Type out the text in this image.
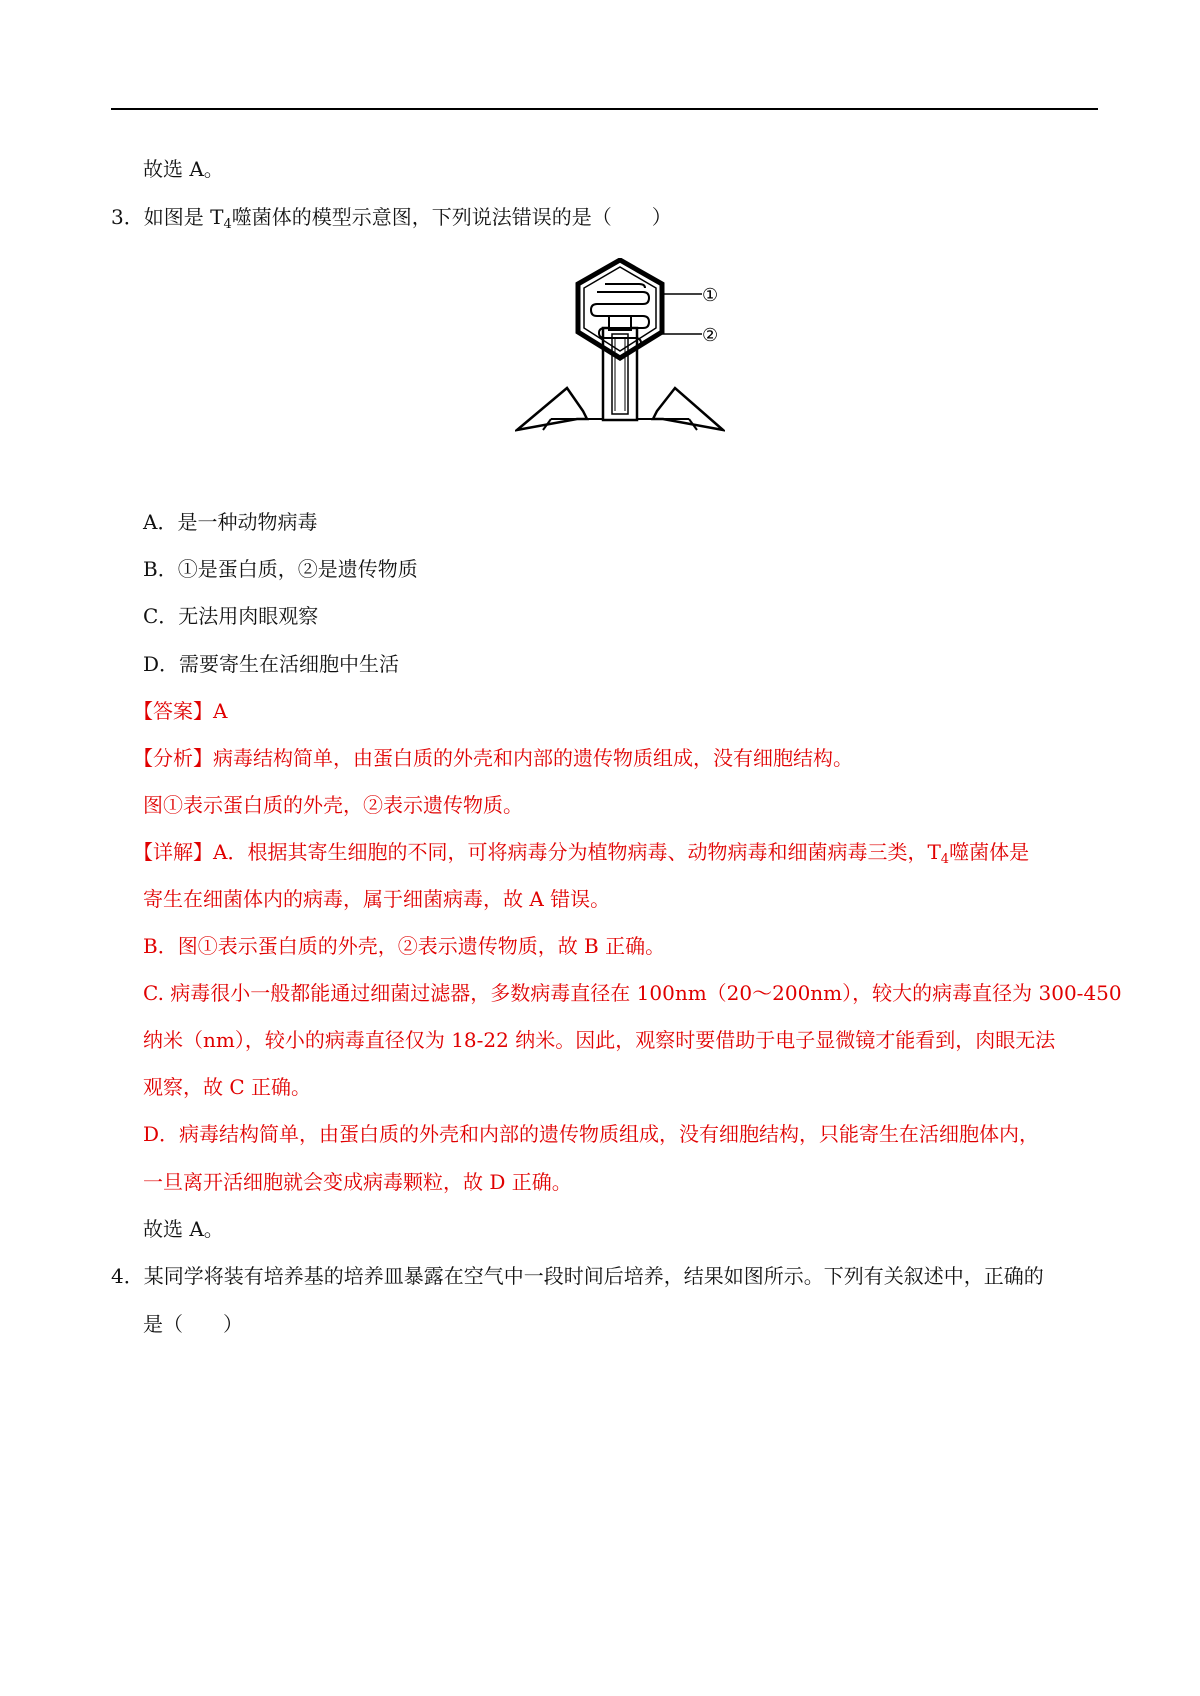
故选 A。
3．如图是 $T_4$噬菌体的模型示意图，下列说法错误的是（　　）
①
②
A．是一种动物病毒
B．①是蛋白质，②是遗传物质
C．无法用肉眼观察
D．需要寄生在活细胞中生活
【答案】A
【分析】病毒结构简单，由蛋白质的外壳和内部的遗传物质组成，没有细胞结构。
图①表示蛋白质的外壳，②表示遗传物质。
【详解】A．根据其寄生细胞的不同，可将病毒分为植物病毒、动物病毒和细菌病毒三类，$T_4$噬菌体是
寄生在细菌体内的病毒，属于细菌病毒，故 A 错误。
B．图①表示蛋白质的外壳，②表示遗传物质，故 B 正确。
C. 病毒很小一般都能通过细菌过滤器，多数病毒直径在 100nm（20～200nm），较大的病毒直径为 300-450
纳米（nm），较小的病毒直径仅为 18-22 纳米。因此，观察时要借助于电子显微镜才能看到，肉眼无法
观察，故 C 正确。
D．病毒结构简单，由蛋白质的外壳和内部的遗传物质组成，没有细胞结构，只能寄生在活细胞体内，
一旦离开活细胞就会变成病毒颗粒，故 D 正确。
故选 A。
4．某同学将装有培养基的培养皿暴露在空气中一段时间后培养，结果如图所示。下列有关叙述中，正确的
是（　　）
